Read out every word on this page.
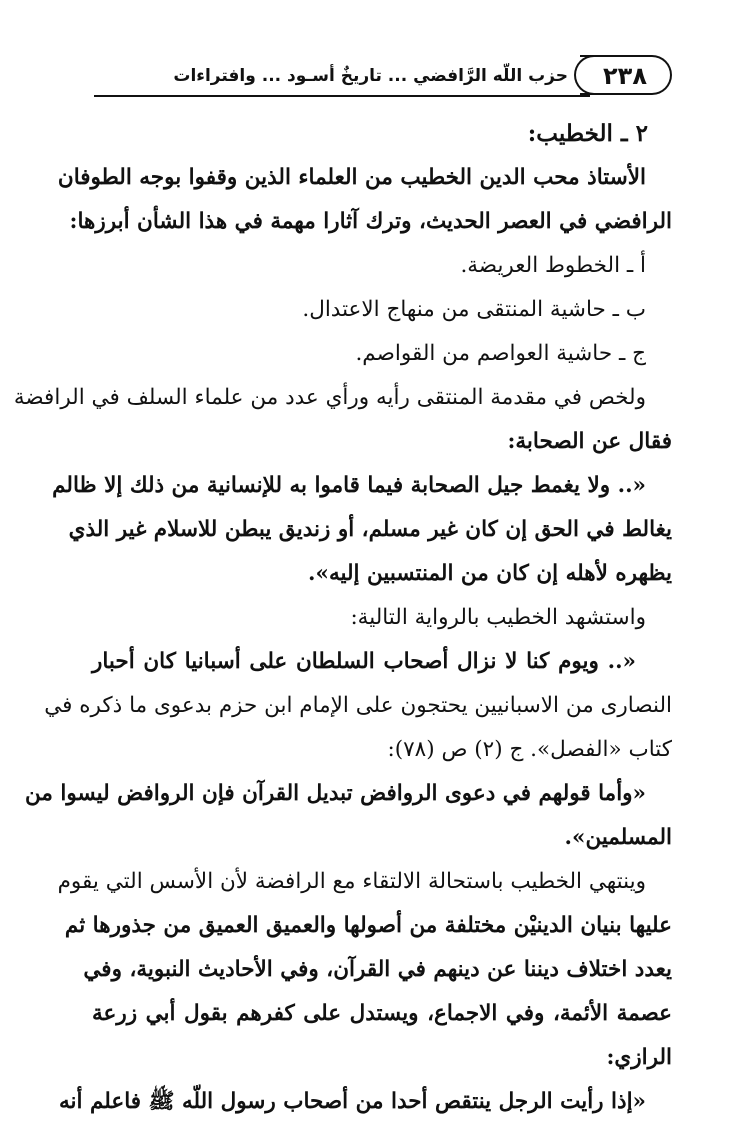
٢٣٨
حزب اللّه الرَّافضي ... تاريخٌ أسـود ... وافتراءات
٢ ـ الخطيب:
الأستاذ محب الدين الخطيب من العلماء الذين وقفوا بوجه الطوفان
الرافضي في العصر الحديث، وترك آثارا مهمة في هذا الشأن أبرزها:
أ ـ الخطوط العريضة.
ب ـ حاشية المنتقى من منهاج الاعتدال.
ج ـ حاشية العواصم من القواصم.
ولخص في مقدمة المنتقى رأيه ورأي عدد من علماء السلف في الرافضة
فقال عن الصحابة:
«.. ولا يغمط جيل الصحابة فيما قاموا به للإنسانية من ذلك إلا ظالم
يغالط في الحق إن كان غير مسلم، أو زنديق يبطن للاسلام غير الذي
يظهره لأهله إن كان من المنتسبين إليه».
واستشهد الخطيب بالرواية التالية:
«.. ويوم كنا لا نزال أصحاب السلطان على أسبانيا كان أحبار
النصارى من الاسبانيين يحتجون على الإمام ابن حزم بدعوى ما ذكره في
كتاب «الفصل». ج (٢) ص (٧٨):
«وأما قولهم في دعوى الروافض تبديل القرآن فإن الروافض ليسوا من
المسلمين».
وينتهي الخطيب باستحالة الالتقاء مع الرافضة لأن الأسس التي يقوم
عليها بنيان الدينيْن مختلفة من أصولها والعميق العميق من جذورها ثم
يعدد اختلاف ديننا عن دينهم في القرآن، وفي الأحاديث النبوية، وفي
عصمة الأئمة، وفي الاجماع، ويستدل على كفرهم بقول أبي زرعة
الرازي:
«إذا رأيت الرجل ينتقص أحدا من أصحاب رسول اللّه ﷺ فاعلم أنه
